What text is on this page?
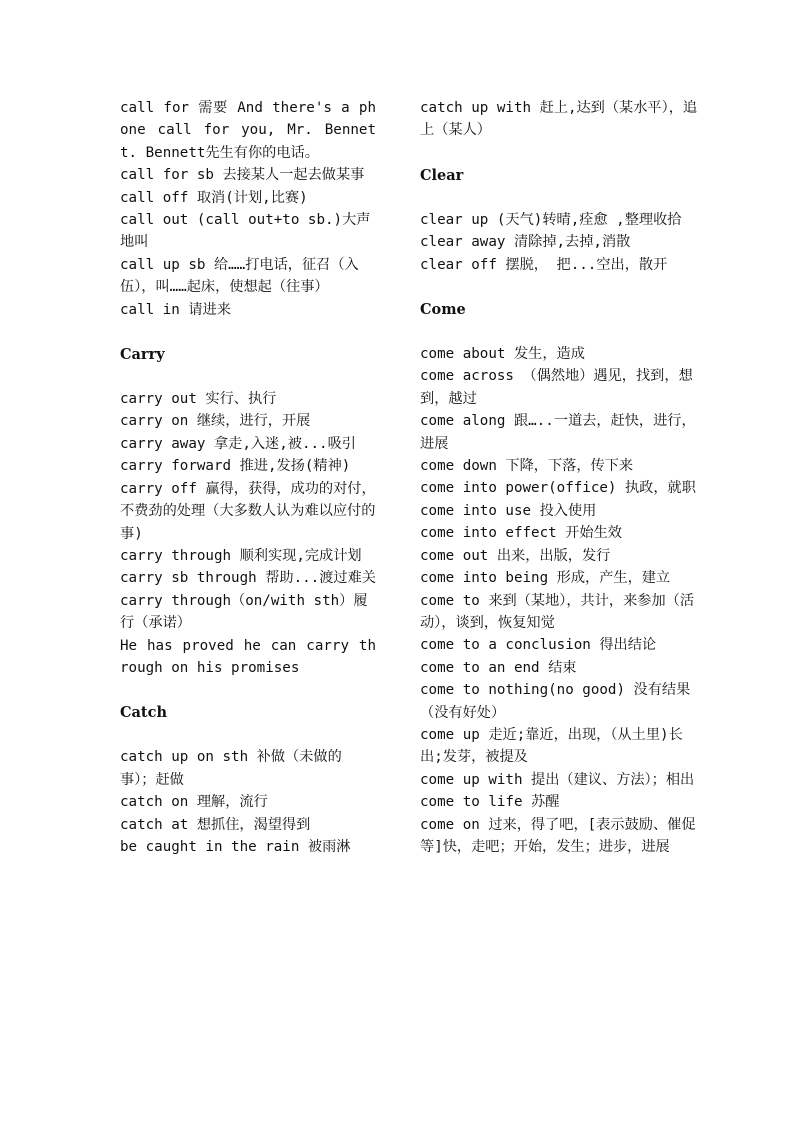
call for 需要 And there's a phone call for you, Mr. Bennett. Bennett先生有你的电话。
call for sb 去接某人一起去做某事
call off 取消(计划,比赛)
call out (call out+to sb.)大声地叫
call up sb 给……打电话，征召（入伍），叫……起床，使想起（往事）
call in 请进来
Carry
carry out 实行、执行
carry on 继续，进行，开展
carry away 拿走,入迷,被...吸引
carry forward 推进,发扬(精神)
carry off 赢得，获得，成功的对付，不费劲的处理（大多数人认为难以应付的事)
carry through 顺利实现,完成计划
carry sb through 帮助...渡过难关
carry through（on/with sth）履行（承诺）
He has proved he can carry through on his promises
Catch
catch up on sth 补做（未做的事）；赶做
catch on 理解，流行
catch at 想抓住，渴望得到
be caught in the rain 被雨淋
catch up with 赶上,达到（某水平），追上（某人）
Clear
clear up (天气)转晴,痊愈 ,整理收拾
clear away 清除掉,去掉,消散
clear off 摆脱， 把...空出，散开
Come
come about 发生，造成
come across （偶然地）遇见，找到，想到，越过
come along 跟…..一道去，赶快，进行，进展
come down 下降，下落，传下来
come into power(office) 执政，就职
come into use 投入使用
come into effect 开始生效
come out 出来，出版，发行
come into being 形成，产生，建立
come to 来到（某地），共计，来参加（活动），谈到，恢复知觉
come to a conclusion 得出结论
come to an end 结束
come to nothing(no good) 没有结果（没有好处）
come up 走近;靠近，出现，（从土里)长出;发芽，被提及
come up with 提出（建议、方法）；相出
come to life 苏醒
come on 过来，得了吧，[表示鼓励、催促等]快，走吧；开始，发生；进步，进展
